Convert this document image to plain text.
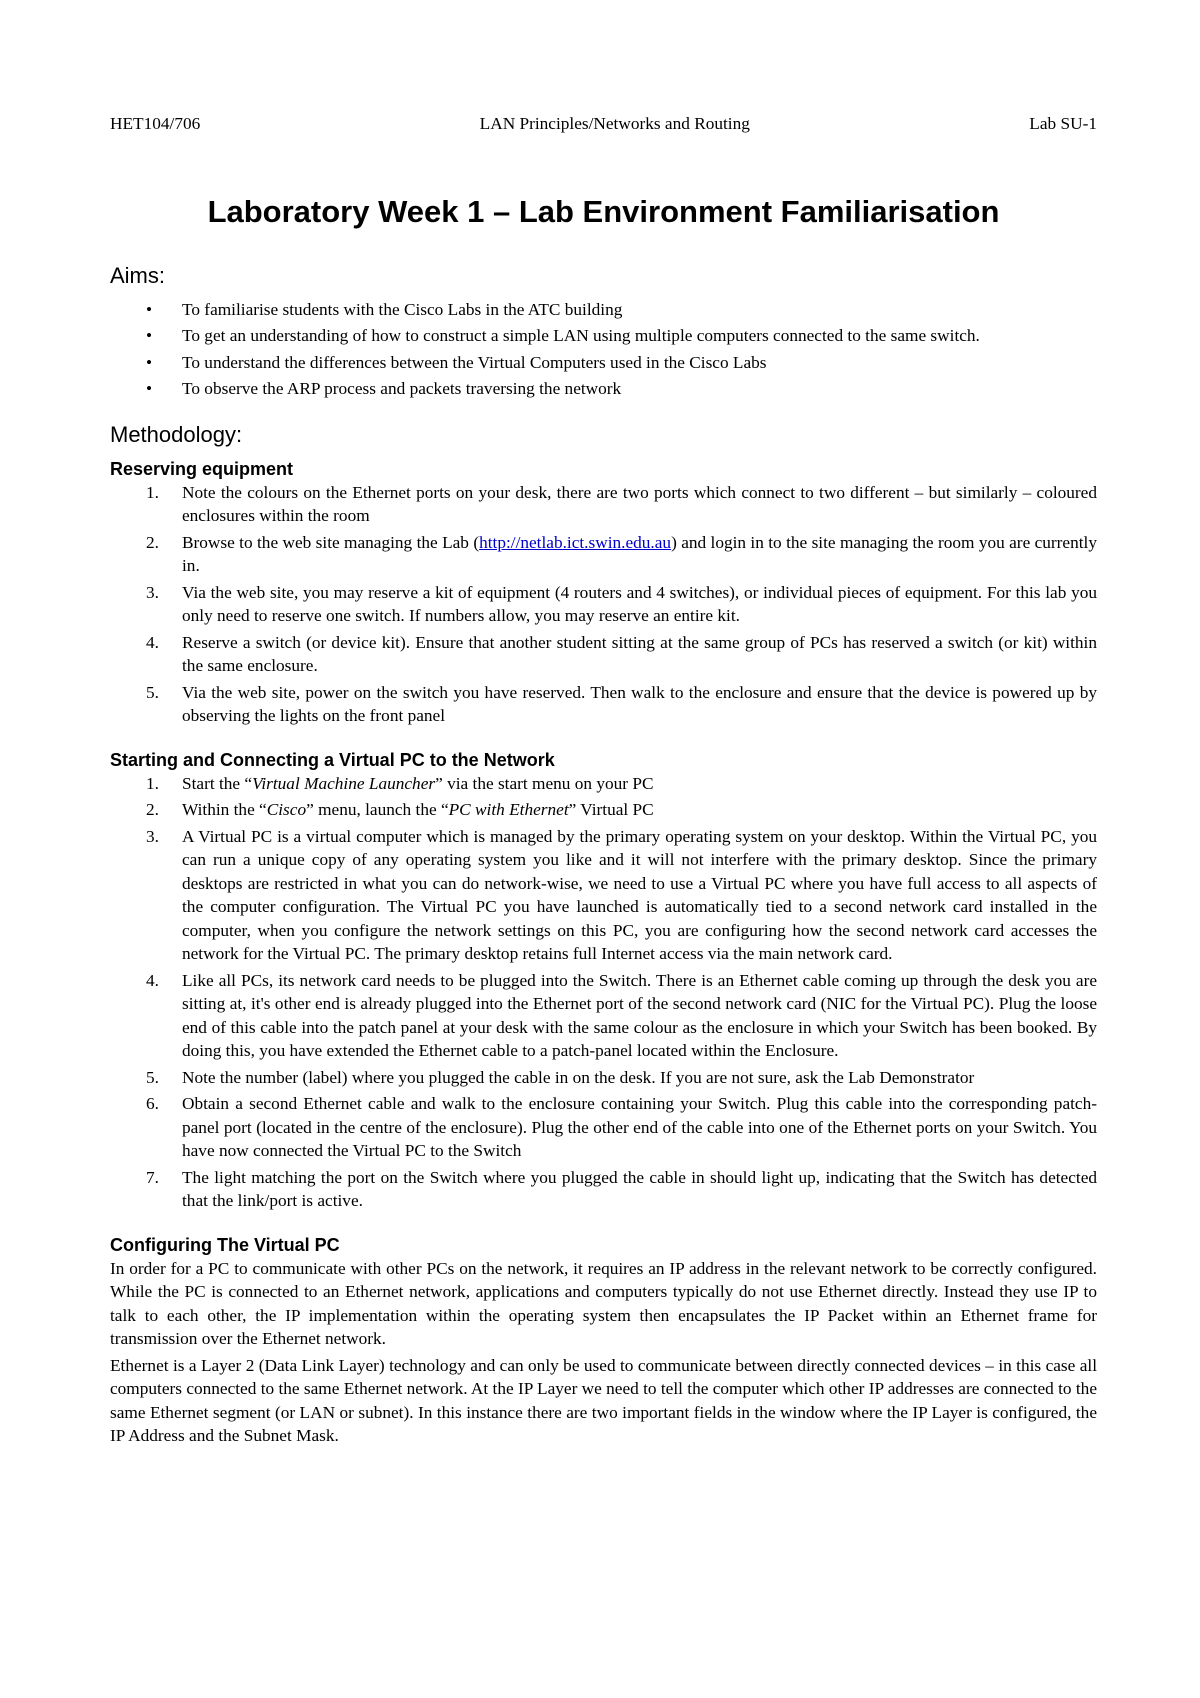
HET104/706	LAN Principles/Networks and Routing	Lab SU-1
Laboratory Week 1 – Lab Environment Familiarisation
Aims:
• To familiarise students with the Cisco Labs in the ATC building
• To get an understanding of how to construct a simple LAN using multiple computers connected to the same switch.
• To understand the differences between the Virtual Computers used in the Cisco Labs
• To observe the ARP process and packets traversing the network
Methodology:
Reserving equipment
1. Note the colours on the Ethernet ports on your desk, there are two ports which connect to two different – but similarly – coloured enclosures within the room
2. Browse to the web site managing the Lab (http://netlab.ict.swin.edu.au) and login in to the site managing the room you are currently in.
3. Via the web site, you may reserve a kit of equipment (4 routers and 4 switches), or individual pieces of equipment. For this lab you only need to reserve one switch. If numbers allow, you may reserve an entire kit.
4. Reserve a switch (or device kit). Ensure that another student sitting at the same group of PCs has reserved a switch (or kit) within the same enclosure.
5. Via the web site, power on the switch you have reserved. Then walk to the enclosure and ensure that the device is powered up by observing the lights on the front panel
Starting and Connecting a Virtual PC to the Network
1. Start the “Virtual Machine Launcher” via the start menu on your PC
2. Within the “Cisco” menu, launch the “PC with Ethernet” Virtual PC
3. A Virtual PC is a virtual computer which is managed by the primary operating system on your desktop. Within the Virtual PC, you can run a unique copy of any operating system you like and it will not interfere with the primary desktop. Since the primary desktops are restricted in what you can do network-wise, we need to use a Virtual PC where you have full access to all aspects of the computer configuration. The Virtual PC you have launched is automatically tied to a second network card installed in the computer, when you configure the network settings on this PC, you are configuring how the second network card accesses the network for the Virtual PC. The primary desktop retains full Internet access via the main network card.
4. Like all PCs, its network card needs to be plugged into the Switch. There is an Ethernet cable coming up through the desk you are sitting at, it's other end is already plugged into the Ethernet port of the second network card (NIC for the Virtual PC). Plug the loose end of this cable into the patch panel at your desk with the same colour as the enclosure in which your Switch has been booked. By doing this, you have extended the Ethernet cable to a patch-panel located within the Enclosure.
5. Note the number (label) where you plugged the cable in on the desk. If you are not sure, ask the Lab Demonstrator
6. Obtain a second Ethernet cable and walk to the enclosure containing your Switch. Plug this cable into the corresponding patch-panel port (located in the centre of the enclosure). Plug the other end of the cable into one of the Ethernet ports on your Switch. You have now connected the Virtual PC to the Switch
7. The light matching the port on the Switch where you plugged the cable in should light up, indicating that the Switch has detected that the link/port is active.
Configuring The Virtual PC

In order for a PC to communicate with other PCs on the network, it requires an IP address in the relevant network to be correctly configured. While the PC is connected to an Ethernet network, applications and computers typically do not use Ethernet directly. Instead they use IP to talk to each other, the IP implementation within the operating system then encapsulates the IP Packet within an Ethernet frame for transmission over the Ethernet network.

Ethernet is a Layer 2 (Data Link Layer) technology and can only be used to communicate between directly connected devices – in this case all computers connected to the same Ethernet network. At the IP Layer we need to tell the computer which other IP addresses are connected to the same Ethernet segment (or LAN or subnet). In this instance there are two important fields in the window where the IP Layer is configured, the IP Address and the Subnet Mask.
